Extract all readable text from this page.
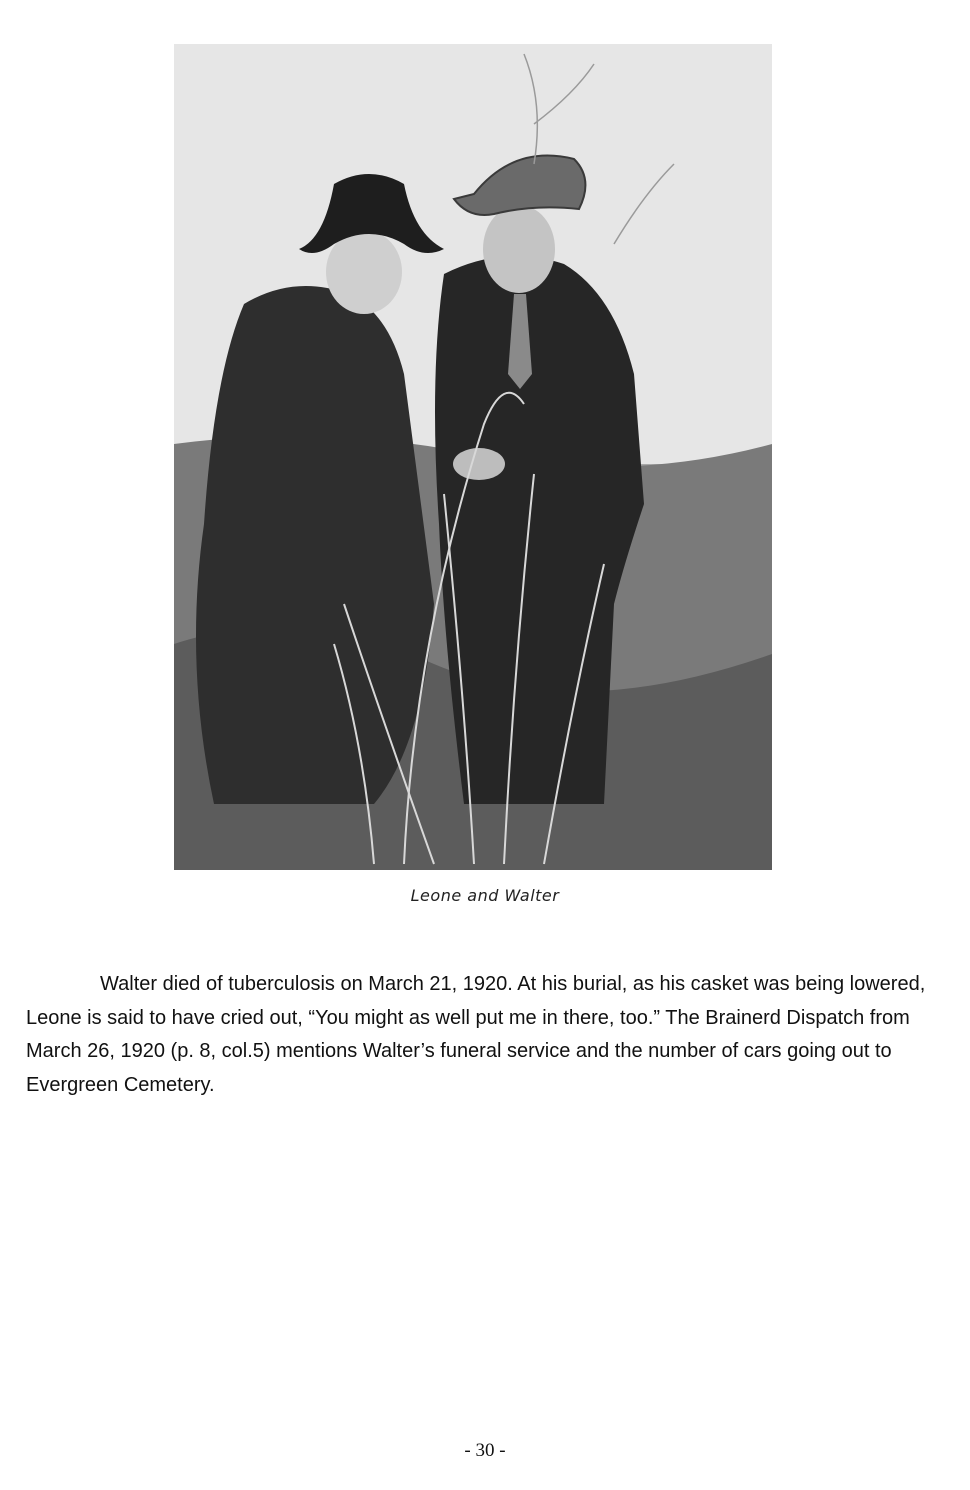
Leone and Walter

Walter died of tuberculosis on March 21, 1920. At his burial, as his casket was being lowered, Leone is said to have cried out, “You might as well put me in there, too.” The Brainerd Dispatch from March 26, 1920 (p. 8, col.5) mentions Walter’s funeral service and the number of cars going out to Evergreen Cemetery.

- 30 -
